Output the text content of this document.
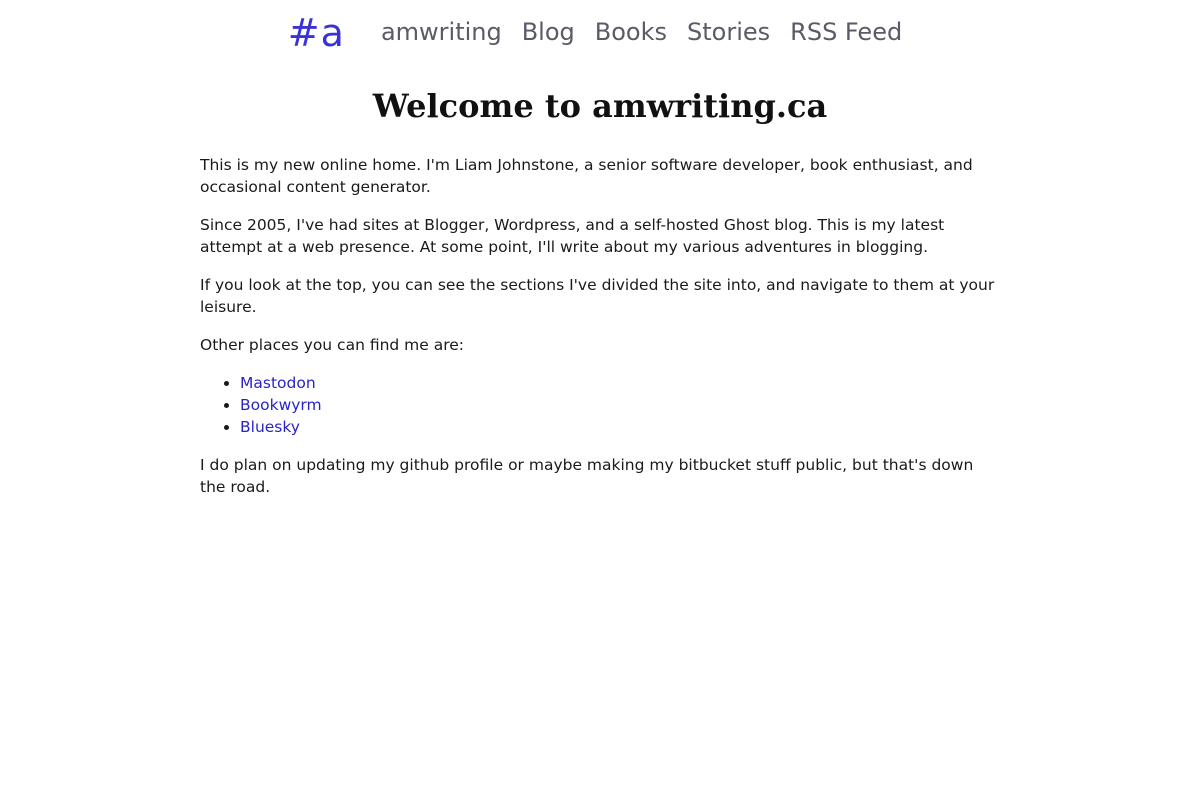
#a amwriting Blog Books Stories RSS Feed
Welcome to amwriting.ca

This is my new online home. I'm Liam Johnstone, a senior software developer, book enthusiast, and occasional content generator.

Since 2005, I've had sites at Blogger, Wordpress, and a self-hosted Ghost blog. This is my latest attempt at a web presence. At some point, I'll write about my various adventures in blogging.

If you look at the top, you can see the sections I've divided the site into, and navigate to them at your leisure.

Other places you can find me are:

• Mastodon
• Bookwyrm
• Bluesky

I do plan on updating my github profile or maybe making my bitbucket stuff public, but that's down the road.
